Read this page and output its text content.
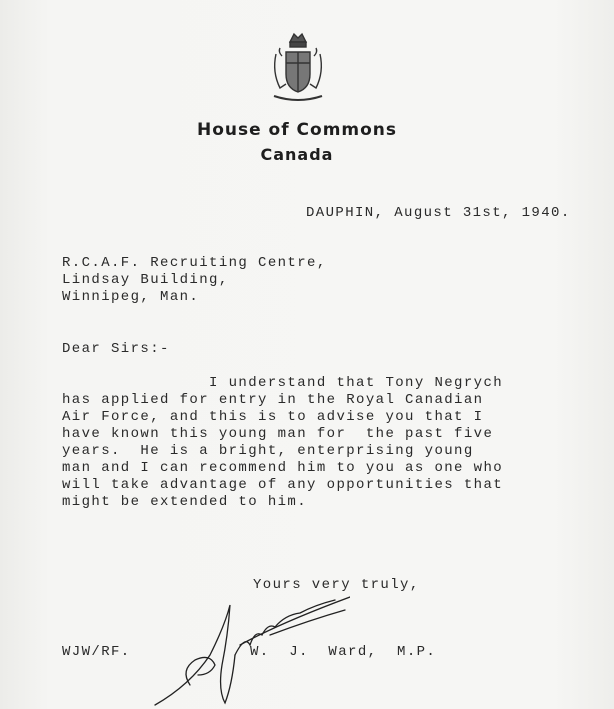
House of Commons
Canada
DAUPHIN, August 31st, 1940.
R.C.A.F. Recruiting Centre,
Lindsay Building,
Winnipeg, Man.
Dear Sirs:-
I understand that Tony Negrych
has applied for entry in the Royal Canadian
Air Force, and this is to advise you that I
have known this young man for  the past five
years.  He is a bright, enterprising young
man and I can recommend him to you as one who
will take advantage of any opportunities that
might be extended to him.
Yours very truly,
WJW/RF.	W.  J.  Ward,  M.P.
